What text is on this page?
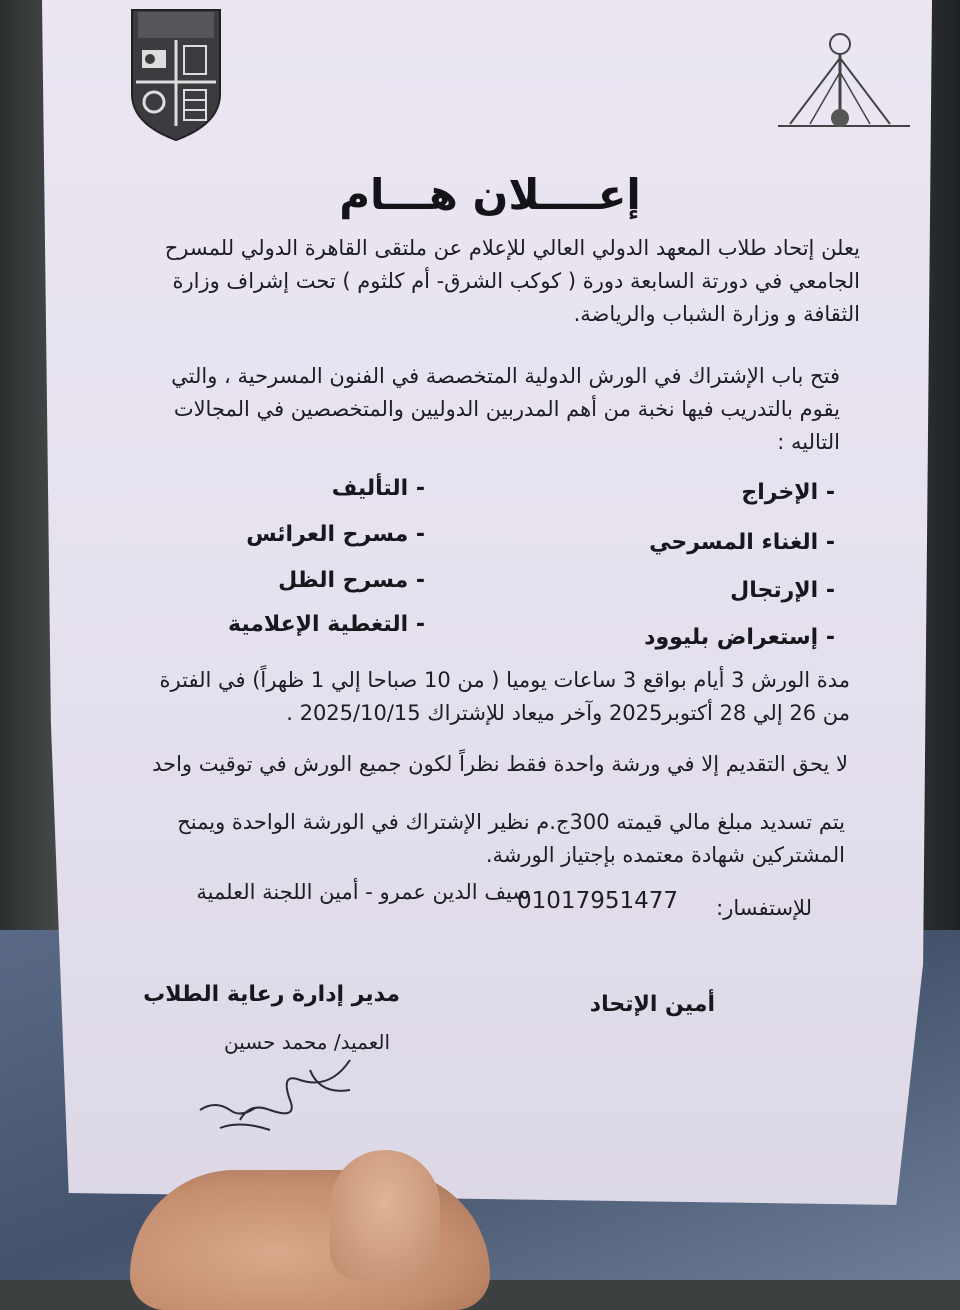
إعــــلان هـــام
يعلن إتحاد طلاب المعهد الدولي العالي للإعلام عن ملتقى القاهرة الدولي للمسرح
الجامعي في دورتة السابعة دورة ( كوكب الشرق- أم كلثوم ) تحت إشراف وزارة
الثقافة و وزارة الشباب والرياضة.
فتح باب الإشتراك في الورش الدولية المتخصصة في الفنون المسرحية ، والتي
يقوم بالتدريب فيها نخبة من أهم المدربين الدوليين والمتخصصين في المجالات
التاليه :
- الإخراج
- الغناء المسرحي
- الإرتجال
- إستعراض بليوود
- التأليف
- مسرح العرائس
- مسرح الظل
- التغطية الإعلامية
مدة الورش 3 أيام بواقع 3 ساعات يوميا ( من 10 صباحا إلي 1 ظهراً) في الفترة
من 26 إلي 28 أكتوبر2025 وآخر ميعاد للإشتراك 2025/10/15 .
لا يحق التقديم إلا في ورشة واحدة فقط نظراً لكون جميع الورش في توقيت واحد
يتم تسديد مبلغ مالي قيمته 300ج.م نظير الإشتراك في الورشة الواحدة ويمنح
المشتركين شهادة معتمده بإجتياز الورشة.
للإستفسار:
01017951477
سيف الدين عمرو - أمين اللجنة العلمية
أمين الإتحاد
مدير إدارة رعاية الطلاب
العميد/ محمد حسين
